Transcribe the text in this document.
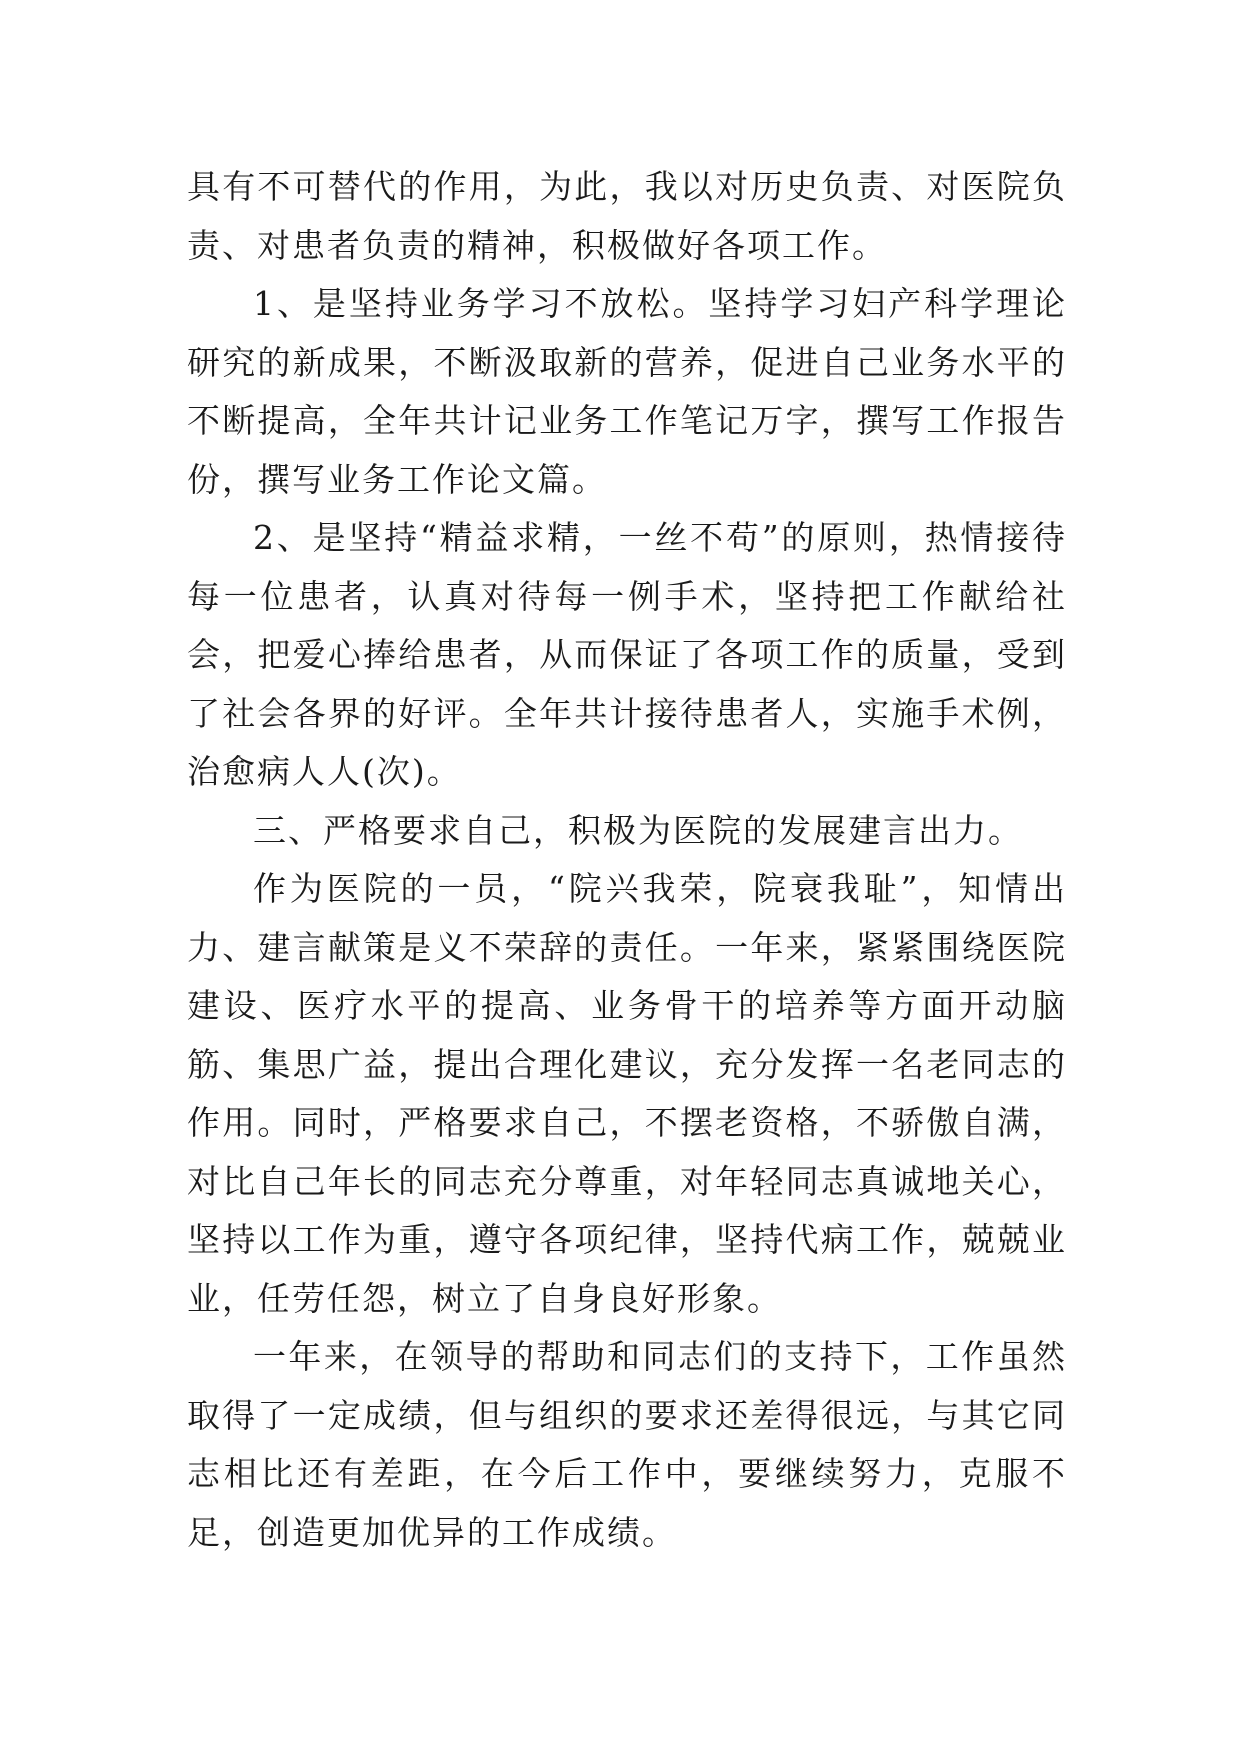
具有不可替代的作用，为此，我以对历史负责、对医院负责、对患者负责的精神，积极做好各项工作。

1、是坚持业务学习不放松。坚持学习妇产科学理论研究的新成果，不断汲取新的营养，促进自己业务水平的不断提高，全年共计记业务工作笔记万字，撰写工作报告份，撰写业务工作论文篇。

2、是坚持“精益求精，一丝不苟”的原则，热情接待每一位患者，认真对待每一例手术，坚持把工作献给社会，把爱心捧给患者，从而保证了各项工作的质量，受到了社会各界的好评。全年共计接待患者人，实施手术例，治愈病人人(次)。

三、严格要求自己，积极为医院的发展建言出力。

作为医院的一员，“院兴我荣，院衰我耻”，知情出力、建言献策是义不荣辞的责任。一年来，紧紧围绕医院建设、医疗水平的提高、业务骨干的培养等方面开动脑筋、集思广益，提出合理化建议，充分发挥一名老同志的作用。同时，严格要求自己，不摆老资格，不骄傲自满，对比自己年长的同志充分尊重，对年轻同志真诚地关心，坚持以工作为重，遵守各项纪律，坚持代病工作，兢兢业业，任劳任怨，树立了自身良好形象。

一年来，在领导的帮助和同志们的支持下，工作虽然取得了一定成绩，但与组织的要求还差得很远，与其它同志相比还有差距，在今后工作中，要继续努力，克服不足，创造更加优异的工作成绩。
